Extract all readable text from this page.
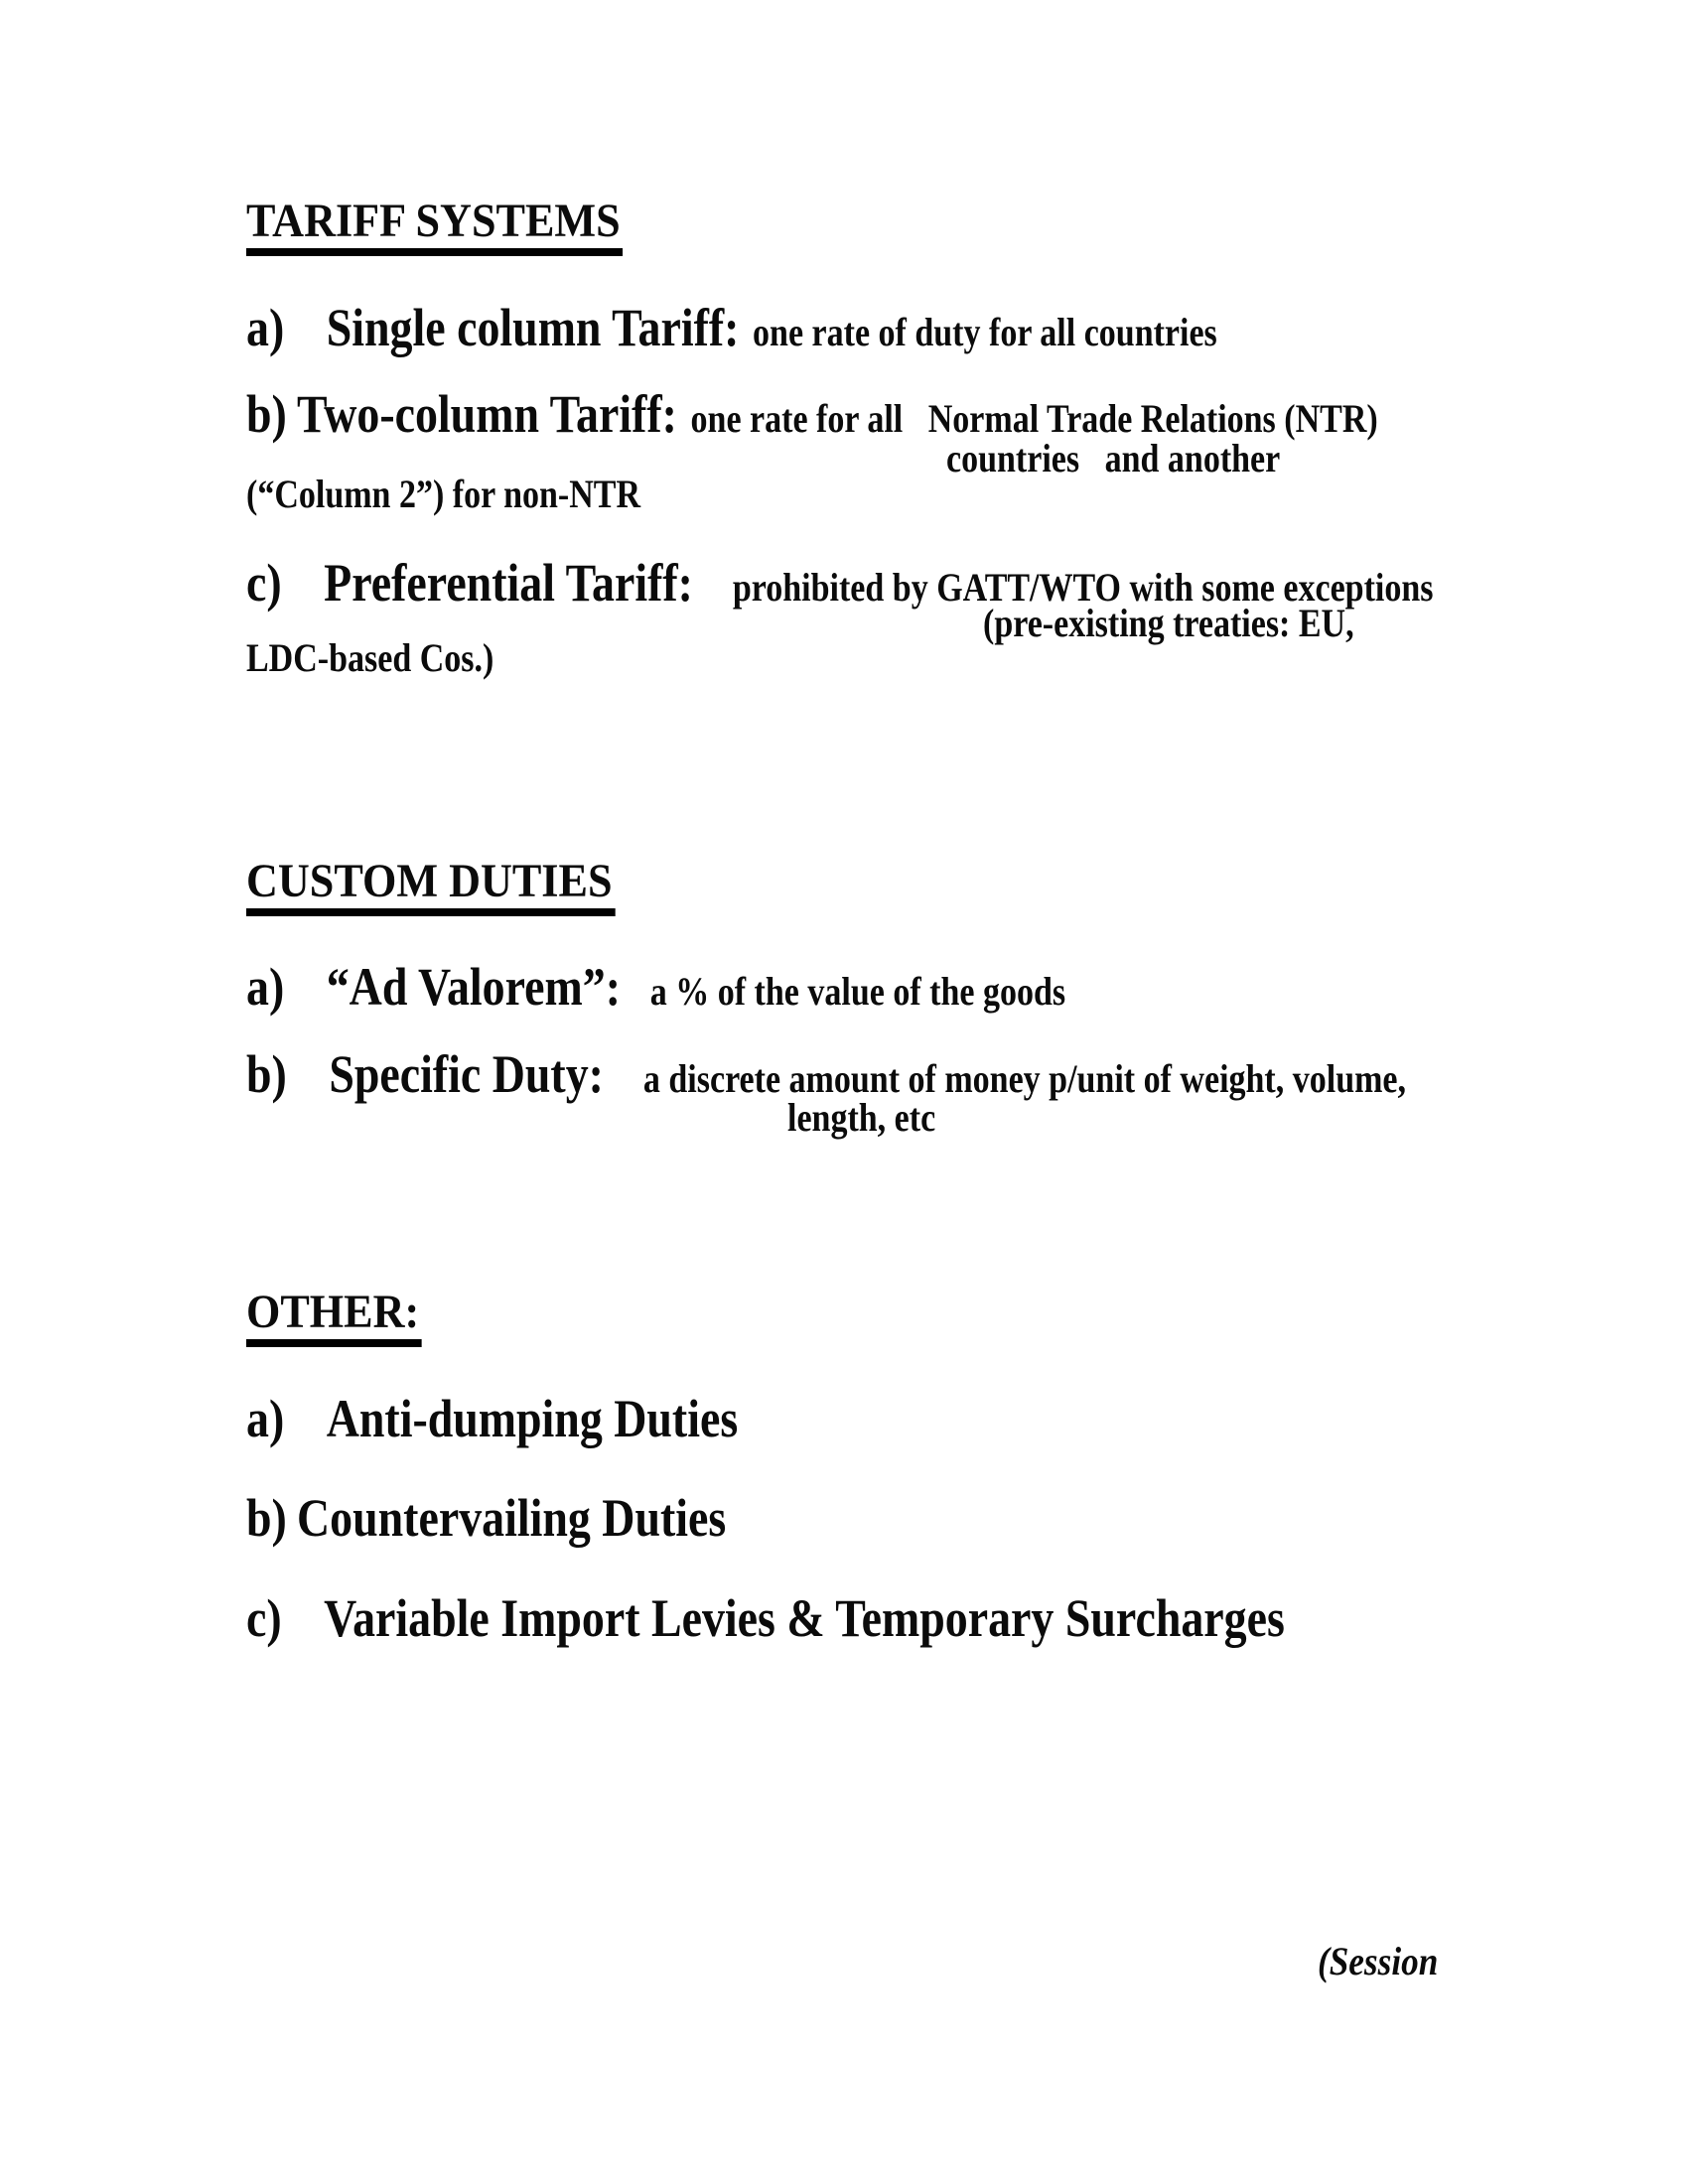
TARIFF SYSTEMS
a) Single column Tariff: one rate of duty for all countries
b) Two-column Tariff: one rate for all Normal Trade Relations (NTR)
countries   and another
(“Column 2”) for non-NTR
c) Preferential Tariff: prohibited by GATT/WTO with some exceptions
(pre-existing treaties: EU,
LDC-based Cos.)
CUSTOM DUTIES
a) “Ad Valorem”: a % of the value of the goods
b) Specific Duty: a discrete amount of money p/unit of weight, volume,
length, etc
OTHER:
a) Anti-dumping Duties
b) Countervailing Duties
c) Variable Import Levies & Temporary Surcharges
(Session
